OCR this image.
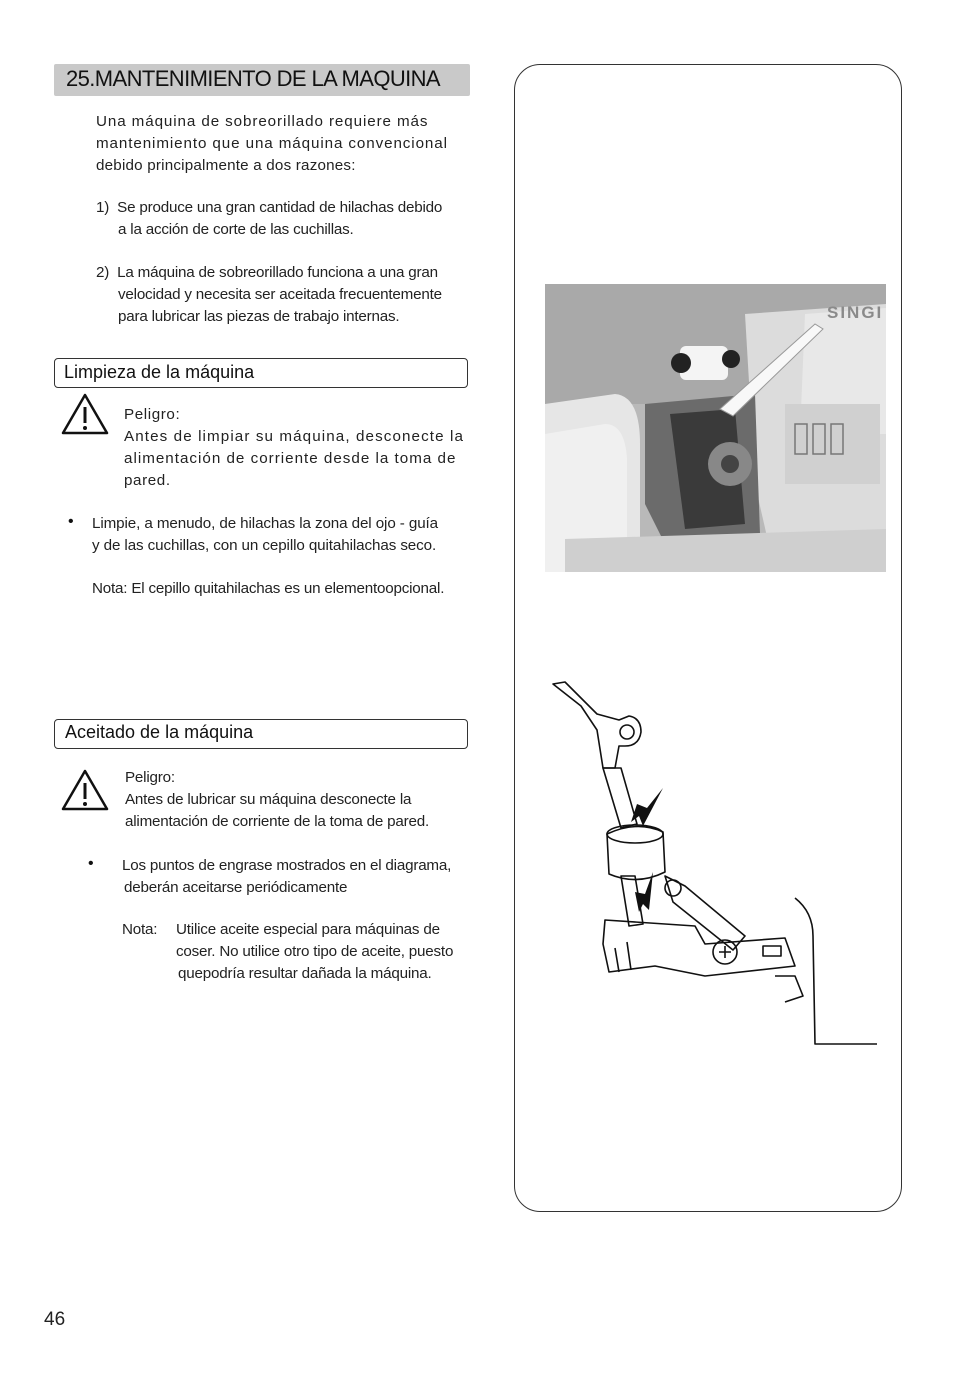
25.MANTENIMIENTO DE LA MAQUINA
Una máquina de sobreorillado requiere más
mantenimiento que una máquina convencional
debido principalmente a dos razones:
1) Se produce una gran cantidad de hilachas debido
a la acción de corte de las cuchillas.
2) La máquina de sobreorillado funciona a una gran
velocidad y necesita ser aceitada frecuentemente
para lubricar las piezas de trabajo internas.
Limpieza de la máquina
Peligro:
Antes de limpiar su máquina, desconecte la
alimentación de corriente desde la toma de
pared.
• Limpie, a menudo, de hilachas la zona del ojo - guía
y de las cuchillas, con un cepillo quitahilachas seco.
Nota: El cepillo quitahilachas es un elementoopcional.
Aceitado de la máquina
Peligro:
Antes de lubricar su máquina desconecte la
alimentación de corriente de la toma de pared.
• Los puntos de engrase mostrados en el diagrama,
deberán aceitarse periódicamente
Nota: Utilice aceite especial para máquinas de
coser. No utilice otro tipo de aceite, puesto
quepodría resultar dañada la máquina.
SINGI
46
